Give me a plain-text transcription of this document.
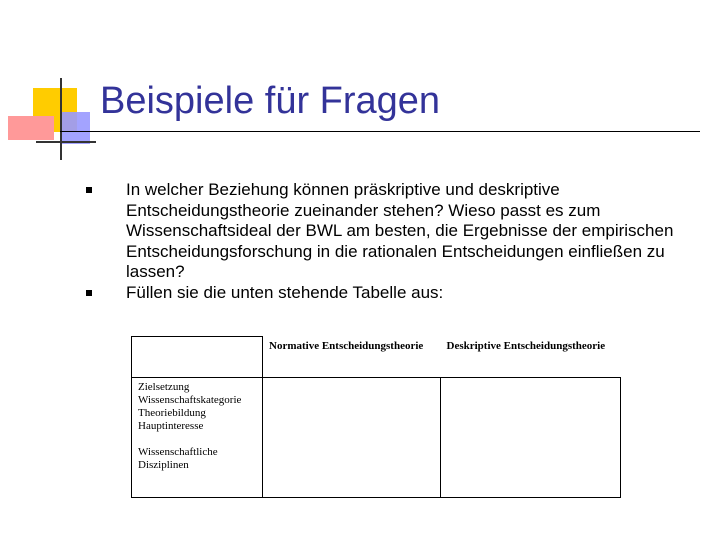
Beispiele für Fragen
In welcher Beziehung können präskriptive und deskriptive Entscheidungstheorie zueinander stehen? Wieso passt es zum Wissenschaftsideal der BWL am besten, die Ergebnisse der empirischen Entscheidungsforschung in die rationalen Entscheidungen einfließen zu lassen?
Füllen sie die unten stehende Tabelle aus:
	Normative Entscheidungstheorie	Deskriptive Entscheidungstheorie

Zielsetzung
Wissenschaftskategorie
Theoriebildung
Hauptinteresse
Wissenschaftliche Disziplinen		
